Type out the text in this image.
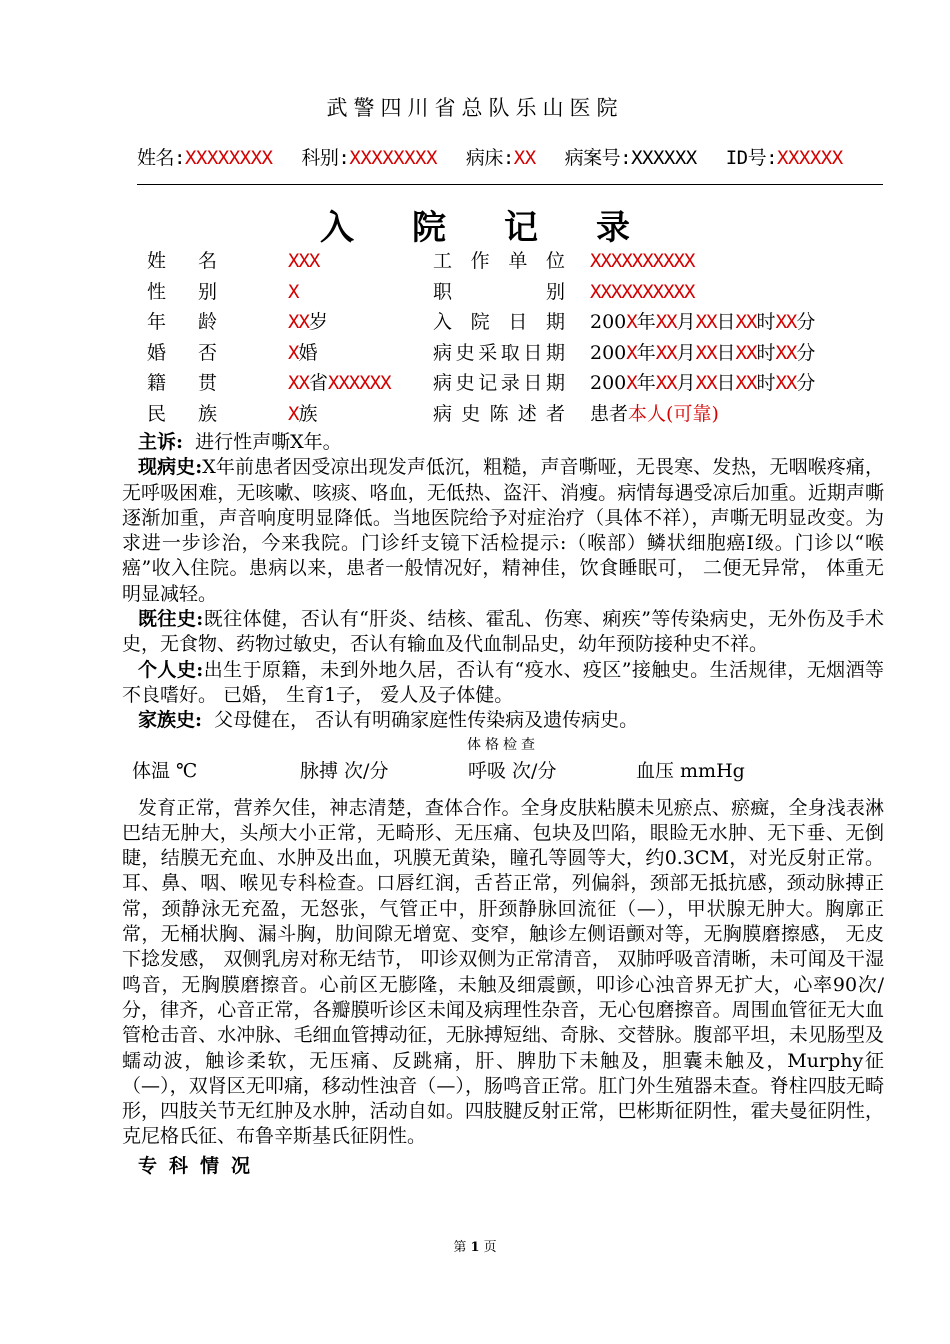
武警四川省总队乐山医院
姓名:XXXXXXXX 科别:XXXXXXXX 病床:XX 病案号:XXXXXX ID号:XXXXXX
入院记录
姓名	XXX	工作单位 XXXXXXXXXX
性别	X	职别 XXXXXXXXXX
年龄	XX岁	入院日期 200X年XX月XX日XX时XX分
婚否	X婚	病史采取日期 200X年XX月XX日XX时XX分
籍贯	XX省XXXXXX 病史记录日期 200X年XX月XX日XX时XX分
民族	X族	病史陈述者 患者本人(可靠)

主诉: 进行性声嘶X年。

现病史:X年前患者因受凉出现发声低沉，粗糙，声音嘶哑，无畏寒、发热，无咽喉疼痛，无呼吸困难，无咳嗽、咳痰、咯血，无低热、盗汗、消瘦。病情每遇受凉后加重。近期声嘶逐渐加重，声音响度明显降低。当地医院给予对症治疗（具体不祥），声嘶无明显改变。为求进一步诊治，今来我院。门诊纤支镜下活检提示:（喉部）鳞状细胞癌Ⅰ级。门诊以“喉癌”收入住院。患病以来，患者一般情况好，精神佳，饮食睡眠可， 二便无异常， 体重无明显减轻。

既往史:既往体健，否认有“肝炎、结核、霍乱、伤寒、痢疾”等传染病史，无外伤及手术史，无食物、药物过敏史，否认有输血及代血制品史，幼年预防接种史不祥。

个人史:出生于原籍，未到外地久居，否认有“疫水、疫区”接触史。生活规律，无烟酒等不良嗜好。 已婚， 生育1子， 爱人及子体健。

家族史: 父母健在， 否认有明确家庭性传染病及遗传病史。

体格检查
体温 ℃	脉搏 次/分	呼吸 次/分	血压 mmHg

发育正常，营养欠佳，神志清楚，查体合作。全身皮肤粘膜未见瘀点、瘀癍，全身浅表淋巴结无肿大，头颅大小正常，无畸形、无压痛、包块及凹陷，眼睑无水肿、无下垂、无倒睫，结膜无充血、水肿及出血，巩膜无黄染，瞳孔等圆等大，约0.3CM，对光反射正常。耳、鼻、咽、喉见专科检查。口唇红润，舌苔正常，列偏斜，颈部无抵抗感，颈动脉搏正常，颈静泳无充盈，无怒张，气管正中，肝颈静脉回流征（—），甲状腺无肿大。胸廓正常，无桶状胸、漏斗胸，肋间隙无增宽、变窄，触诊左侧语颤对等，无胸膜磨擦感， 无皮下捻发感， 双侧乳房对称无结节， 叩诊双侧为正常清音， 双肺呼吸音清晰，未可闻及干湿鸣音，无胸膜磨擦音。心前区无膨隆，未触及细震颤，叩诊心浊音界无扩大，心率90次/分，律齐，心音正常，各瓣膜听诊区未闻及病理性杂音，无心包磨擦音。周围血管征无大血管枪击音、水冲脉、毛细血管搏动征，无脉搏短绌、奇脉、交替脉。腹部平坦，未见肠型及蠕动波，触诊柔软，无压痛、反跳痛，肝、脾肋下未触及，胆囊未触及，Murphy征（—），双肾区无叩痛，移动性浊音（—），肠鸣音正常。肛门外生殖器未查。脊柱四肢无畸形，四肢关节无红肿及水肿，活动自如。四肢腱反射正常，巴彬斯征阴性，霍夫曼征阴性，克尼格氏征、布鲁辛斯基氏征阴性。

专科情况
第 1 页
